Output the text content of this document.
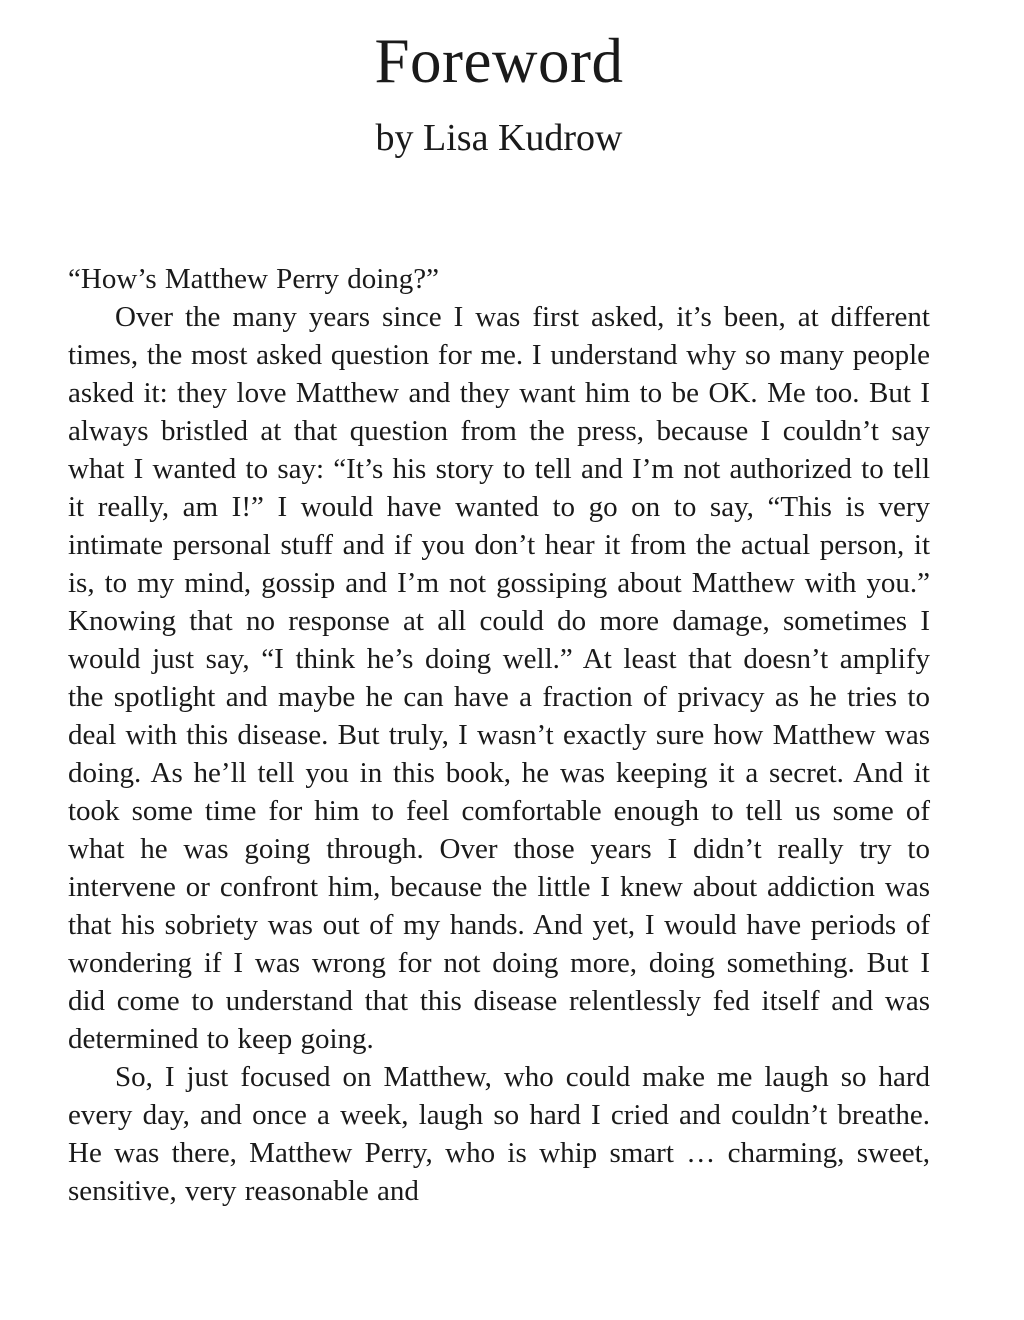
Foreword
by Lisa Kudrow

“How’s Matthew Perry doing?”

Over the many years since I was first asked, it’s been, at different times, the most asked question for me. I understand why so many people asked it: they love Matthew and they want him to be OK. Me too. But I always bristled at that question from the press, because I couldn’t say what I wanted to say: “It’s his story to tell and I’m not authorized to tell it really, am I!” I would have wanted to go on to say, “This is very intimate personal stuff and if you don’t hear it from the actual person, it is, to my mind, gossip and I’m not gossiping about Matthew with you.” Knowing that no response at all could do more damage, sometimes I would just say, “I think he’s doing well.” At least that doesn’t amplify the spotlight and maybe he can have a fraction of privacy as he tries to deal with this disease. But truly, I wasn’t exactly sure how Matthew was doing. As he’ll tell you in this book, he was keeping it a secret. And it took some time for him to feel comfortable enough to tell us some of what he was going through. Over those years I didn’t really try to intervene or confront him, because the little I knew about addiction was that his sobriety was out of my hands. And yet, I would have periods of wondering if I was wrong for not doing more, doing something. But I did come to understand that this disease relentlessly fed itself and was determined to keep going.

So, I just focused on Matthew, who could make me laugh so hard every day, and once a week, laugh so hard I cried and couldn’t breathe. He was there, Matthew Perry, who is whip smart … charming, sweet, sensitive, very reasonable and
